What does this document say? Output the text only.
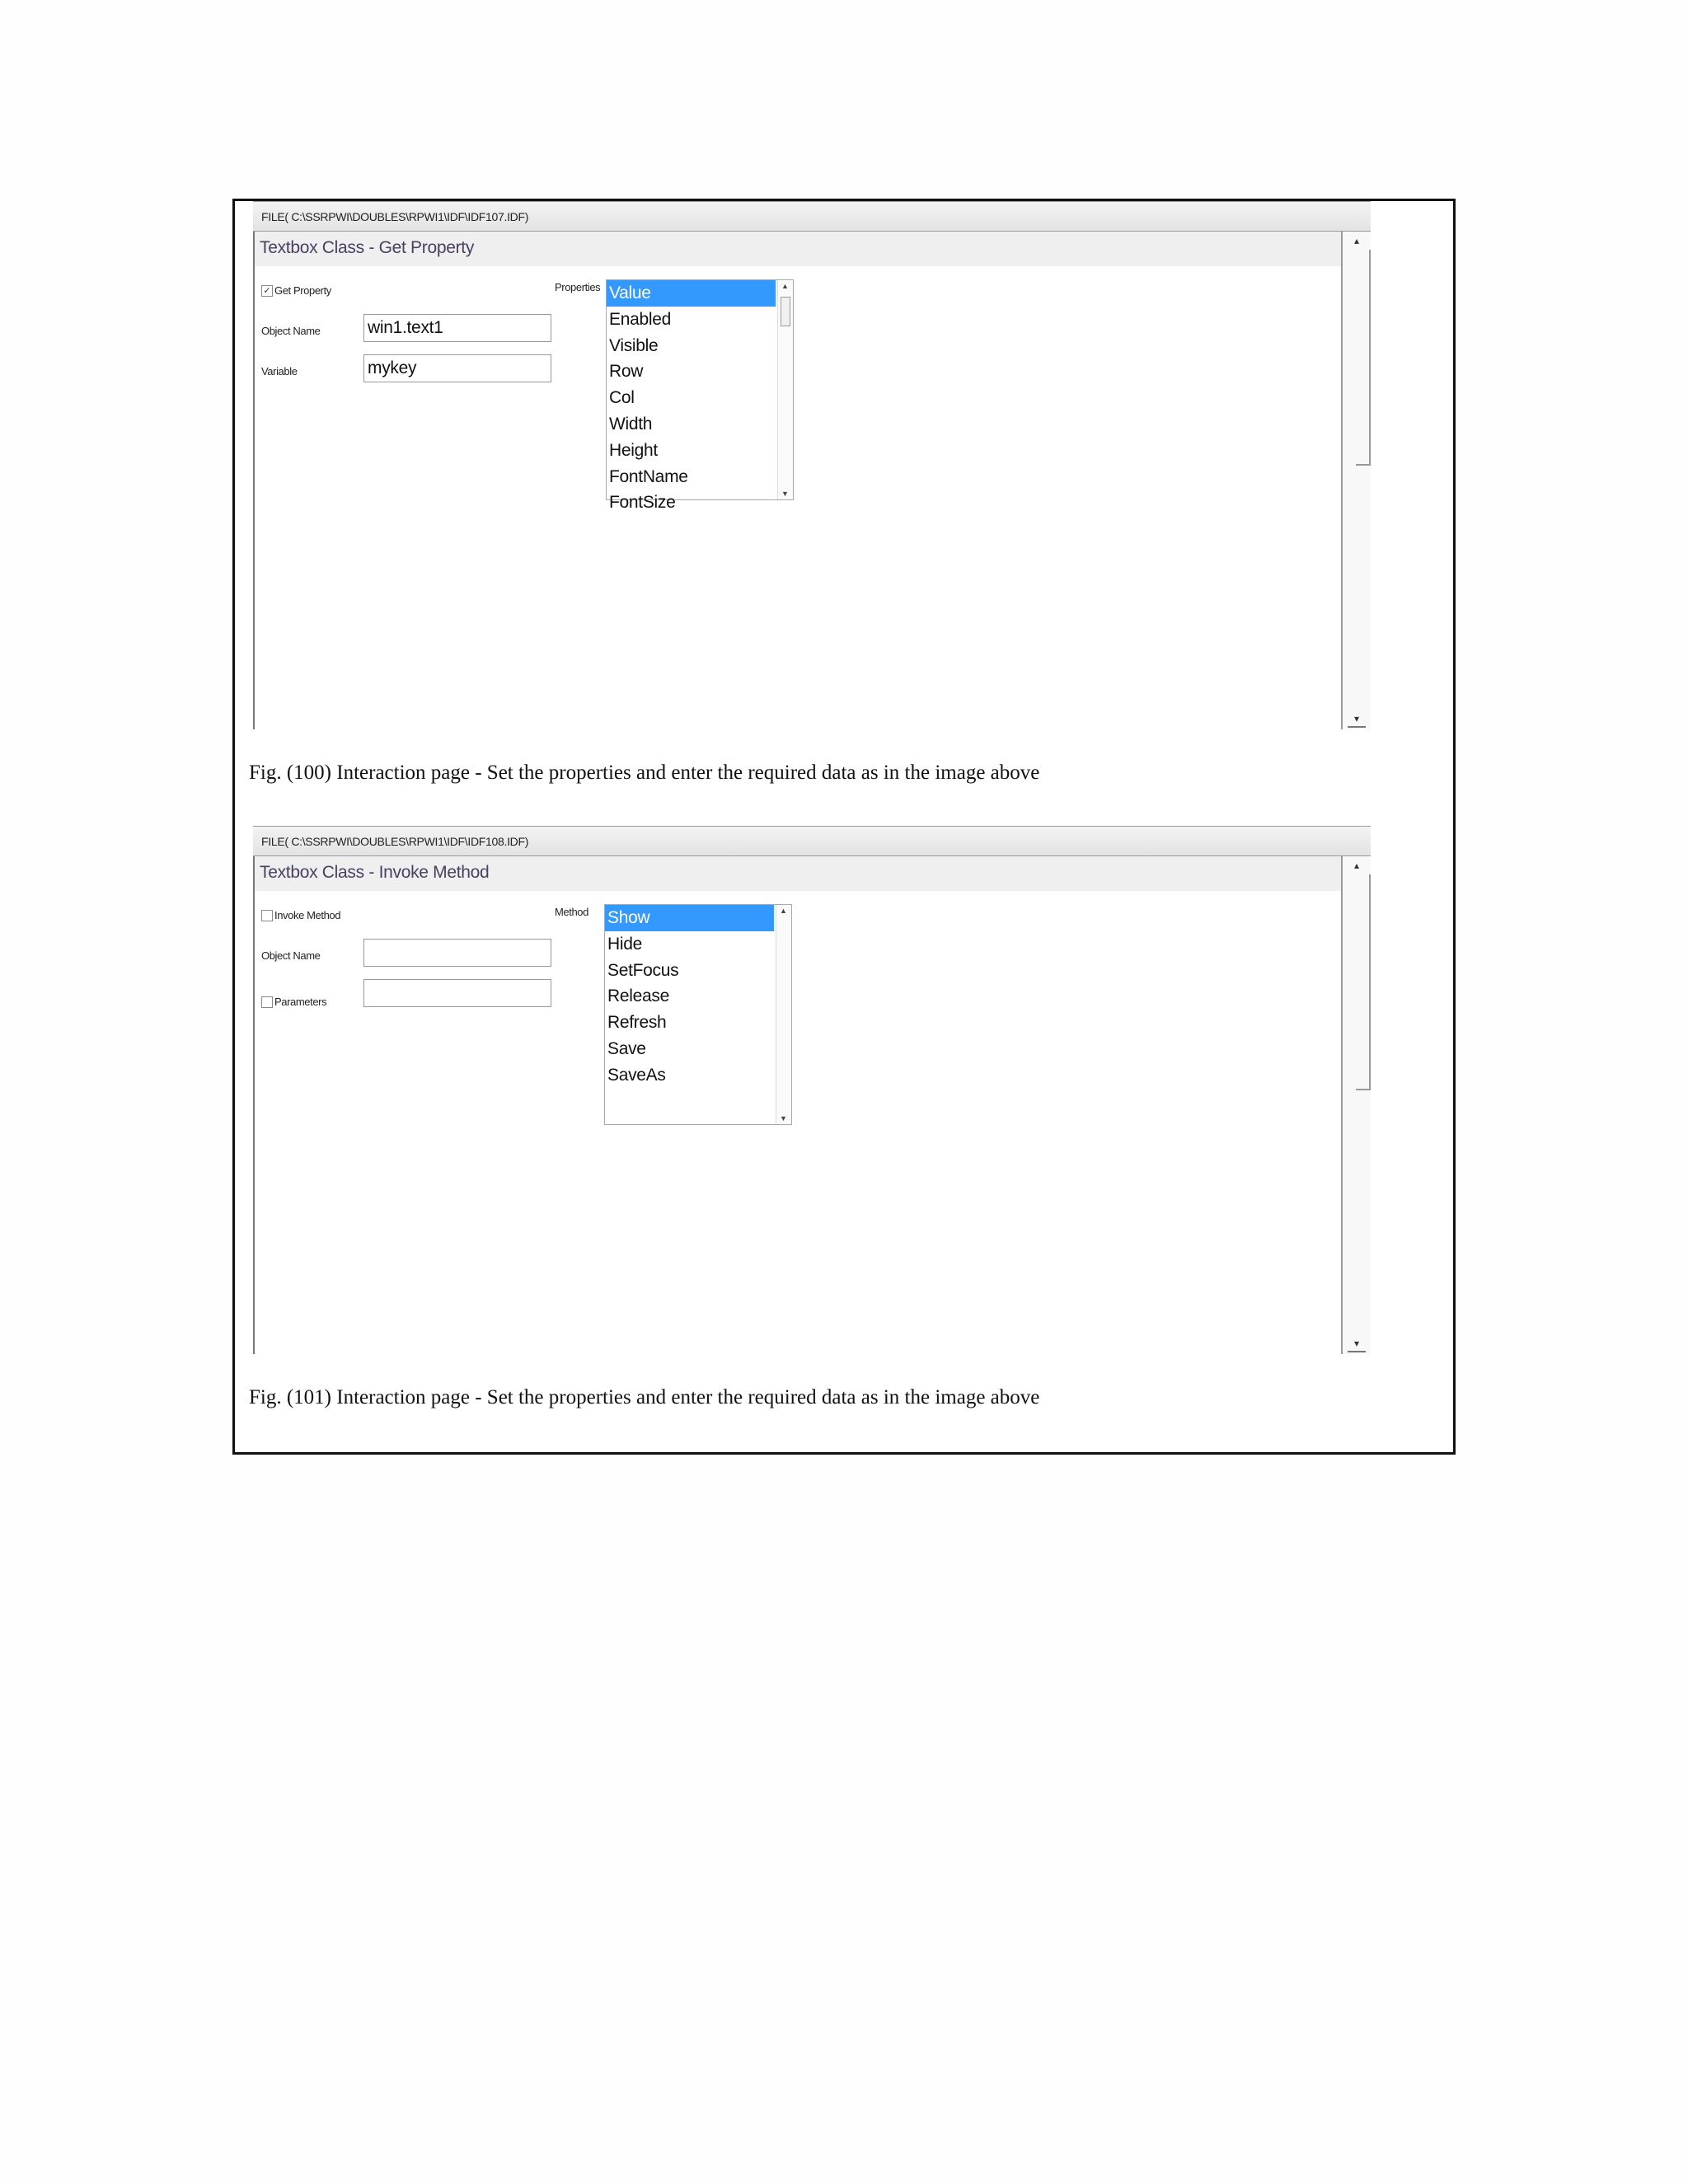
FILE( C:\SSRPWI\DOUBLES\RPWI1\IDF\IDF107.IDF)
Textbox Class - Get Property	▴
▾
✓ Get Property
Object Name	win1.text1
Variable	mykey
Properties Value
Enabled
Visible
Row
Col
Width
Height
FontName
FontSize
▲
▼
Fig. (100) Interaction page - Set the properties and enter the required data as in the image above
FILE( C:\SSRPWI\DOUBLES\RPWI1\IDF\IDF108.IDF)
Textbox Class - Invoke Method	▴
▾
Invoke Method
Object Name
Parameters
Method Show
Hide
SetFocus
Release
Refresh
Save
SaveAs
▲
▼
Fig. (101) Interaction page - Set the properties and enter the required data as in the image above
